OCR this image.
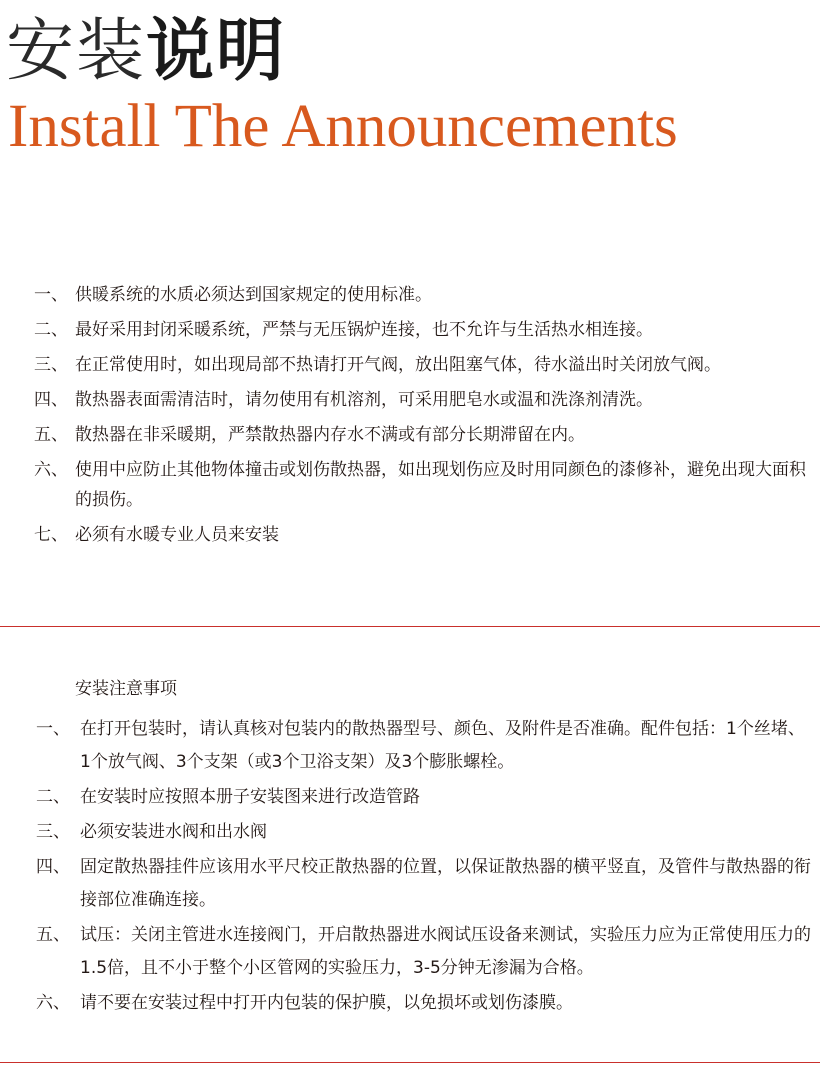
安装说明
Install The Announcements
一、 供暖系统的水质必须达到国家规定的使用标准。
二、 最好采用封闭采暖系统，严禁与无压锅炉连接，也不允许与生活热水相连接。
三、 在正常使用时，如出现局部不热请打开气阀，放出阻塞气体，待水溢出时关闭放气阀。
四、 散热器表面需清洁时，请勿使用有机溶剂，可采用肥皂水或温和洗涤剂清洗。
五、 散热器在非采暖期，严禁散热器内存水不满或有部分长期滞留在内。
六、 使用中应防止其他物体撞击或划伤散热器，如出现划伤应及时用同颜色的漆修补，避免出现大面积的损伤。
七、 必须有水暖专业人员来安装
安装注意事项
一、 在打开包装时，请认真核对包装内的散热器型号、颜色、及附件是否准确。配件包括：1个丝堵、1个放气阀、3个支架（或3个卫浴支架）及3个膨胀螺栓。
二、 在安装时应按照本册子安装图来进行改造管路
三、 必须安装进水阀和出水阀
四、 固定散热器挂件应该用水平尺校正散热器的位置，以保证散热器的横平竖直，及管件与散热器的衔接部位准确连接。
五、 试压：关闭主管进水连接阀门，开启散热器进水阀试压设备来测试，实验压力应为正常使用压力的1.5倍，且不小于整个小区管网的实验压力，3-5分钟无渗漏为合格。
六、 请不要在安装过程中打开内包装的保护膜，以免损坏或划伤漆膜。
